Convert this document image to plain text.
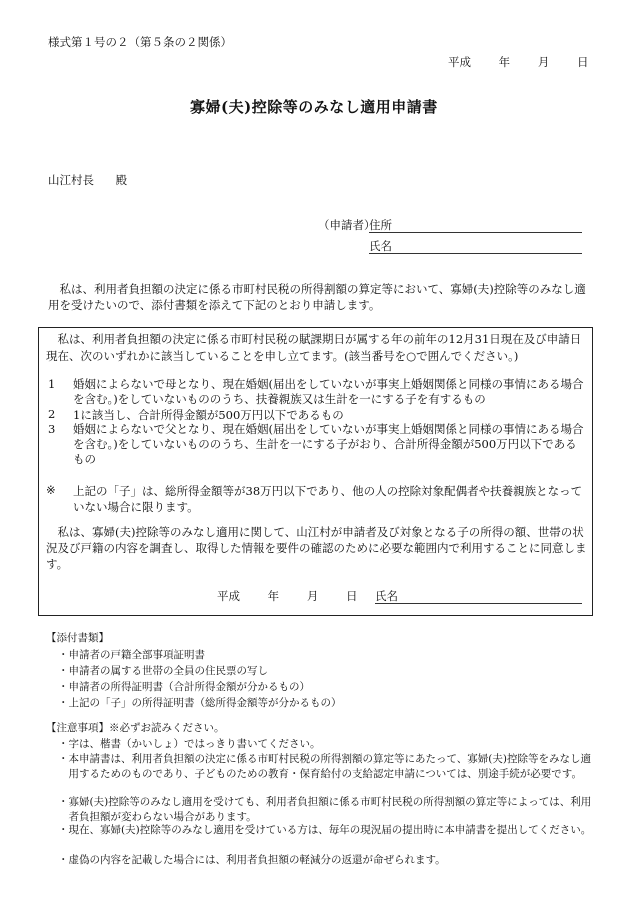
様式第１号の２（第５条の２関係）
平成 年 月 日
寡婦(夫)控除等のみなし適用申請書
山江村長 殿
（申請者）
住所
氏名
私は、利用者負担額の決定に係る市町村民税の所得割額の算定等において、寡婦(夫)控除等のみなし適用を受けたいので、添付書類を添えて下記のとおり申請します。
私は、利用者負担額の決定に係る市町村民税の賦課期日が属する年の前年の12月31日現在及び申請日現在、次のいずれかに該当していることを申し立てます。(該当番号を○で囲んでください。)
1 婚姻によらないで母となり、現在婚姻(届出をしていないが事実上婚姻関係と同様の事情にある場合を含む。)をしていないもののうち、扶養親族又は生計を一にする子を有するもの
2 1に該当し、合計所得金額が500万円以下であるもの
3 婚姻によらないで父となり、現在婚姻(届出をしていないが事実上婚姻関係と同様の事情にある場合を含む。)をしていないもののうち、生計を一にする子がおり、合計所得金額が500万円以下であるもの
※ 上記の「子」は、総所得金額等が38万円以下であり、他の人の控除対象配偶者や扶養親族となっていない場合に限ります。
私は、寡婦(夫)控除等のみなし適用に関して、山江村が申請者及び対象となる子の所得の額、世帯の状況及び戸籍の内容を調査し、取得した情報を要件の確認のために必要な範囲内で利用することに同意します。
平成 年 月 日 氏名
【添付書類】
・申請者の戸籍全部事項証明書
・申請者の属する世帯の全員の住民票の写し
・申請者の所得証明書（合計所得金額が分かるもの）
・上記の「子」の所得証明書（総所得金額等が分かるもの）
【注意事項】※必ずお読みください。
・字は、楷書（かいしょ）ではっきり書いてください。
・本申請書は、利用者負担額の決定に係る市町村民税の所得割額の算定等にあたって、寡婦(夫)控除等をみなし適用するためのものであり、子どものための教育・保育給付の支給認定申請については、別途手続が必要です。
・寡婦(夫)控除等のみなし適用を受けても、利用者負担額に係る市町村民税の所得割額の算定等によっては、利用者負担額が変わらない場合があります。
・現在、寡婦(夫)控除等のみなし適用を受けている方は、毎年の現況届の提出時に本申請書を提出してください。
・虚偽の内容を記載した場合には、利用者負担額の軽減分の返還が命ぜられます。
